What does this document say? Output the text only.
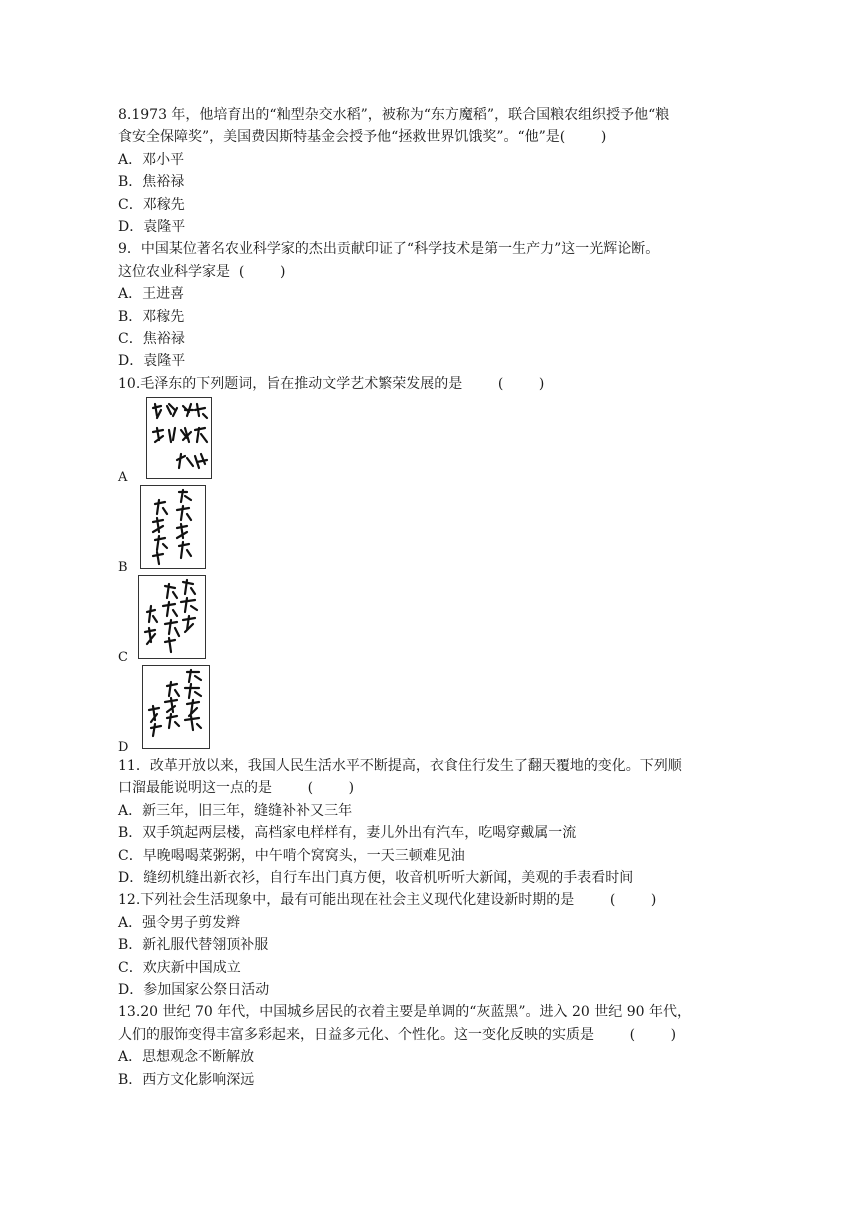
8.1973 年，他培育出的“籼型杂交水稻”，被称为“东方魔稻”，联合国粮农组织授予他“粮
食安全保障奖”，美国费因斯特基金会授予他“拯救世界饥饿奖”。“他”是(        )
A．邓小平
B．焦裕禄
C．邓稼先
D．袁隆平
9．中国某位著名农业科学家的杰出贡献印证了“科学技术是第一生产力”这一光辉论断。
这位农业科学家是  (        )
A．王进喜
B．邓稼先
C．焦裕禄
D．袁隆平
10.毛泽东的下列题词，旨在推动文学艺术繁荣发展的是        (        )
A
B
C
D
11．改革开放以来，我国人民生活水平不断提高，衣食住行发生了翻天覆地的变化。下列顺
口溜最能说明这一点的是        (        )
A．新三年，旧三年，缝缝补补又三年
B．双手筑起两层楼，高档家电样样有，妻儿外出有汽车，吃喝穿戴属一流
C．早晚喝喝菜粥粥，中午啃个窝窝头，一天三顿难见油
D．缝纫机缝出新衣衫，自行车出门真方便，收音机听听大新闻，美观的手表看时间
12.下列社会生活现象中，最有可能出现在社会主义现代化建设新时期的是        (        )
A．强令男子剪发辫
B．新礼服代替翎顶补服
C．欢庆新中国成立
D．参加国家公祭日活动
13.20 世纪 70 年代，中国城乡居民的衣着主要是单调的“灰蓝黑”。进入 20 世纪 90 年代，
人们的服饰变得丰富多彩起来，日益多元化、个性化。这一变化反映的实质是        (        )
A．思想观念不断解放
B．西方文化影响深远
